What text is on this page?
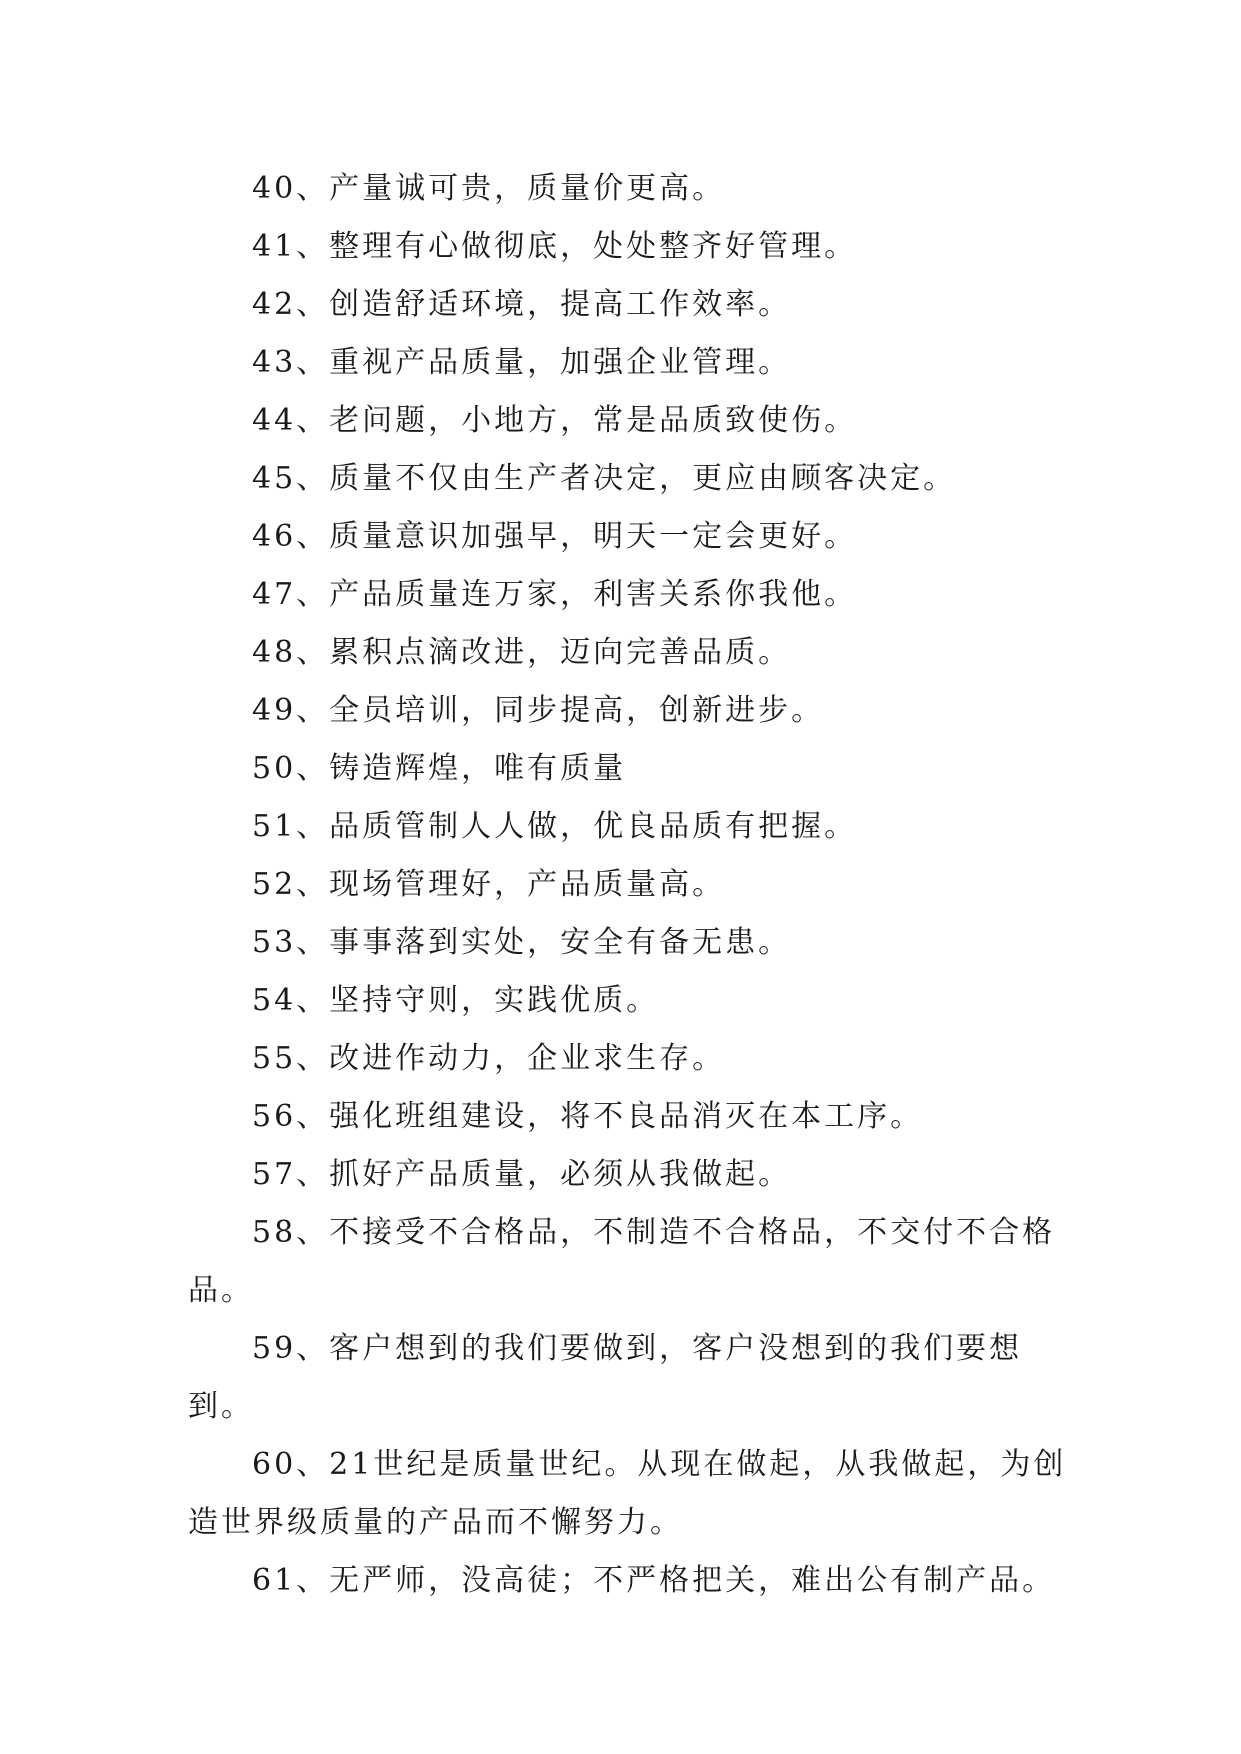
40、产量诚可贵，质量价更高。

41、整理有心做彻底，处处整齐好管理。

42、创造舒适环境，提高工作效率。

43、重视产品质量，加强企业管理。

44、老问题，小地方，常是品质致使伤。

45、质量不仅由生产者决定，更应由顾客决定。

46、质量意识加强早，明天一定会更好。

47、产品质量连万家，利害关系你我他。

48、累积点滴改进，迈向完善品质。

49、全员培训，同步提高，创新进步。

50、铸造辉煌，唯有质量

51、品质管制人人做，优良品质有把握。

52、现场管理好，产品质量高。

53、事事落到实处，安全有备无患。

54、坚持守则，实践优质。

55、改进作动力，企业求生存。

56、强化班组建设，将不良品消灭在本工序。

57、抓好产品质量，必须从我做起。

58、不接受不合格品，不制造不合格品，不交付不合格品。

59、客户想到的我们要做到，客户没想到的我们要想到。

60、21世纪是质量世纪。从现在做起，从我做起，为创造世界级质量的产品而不懈努力。

61、无严师，没高徒；不严格把关，难出公有制产品。
